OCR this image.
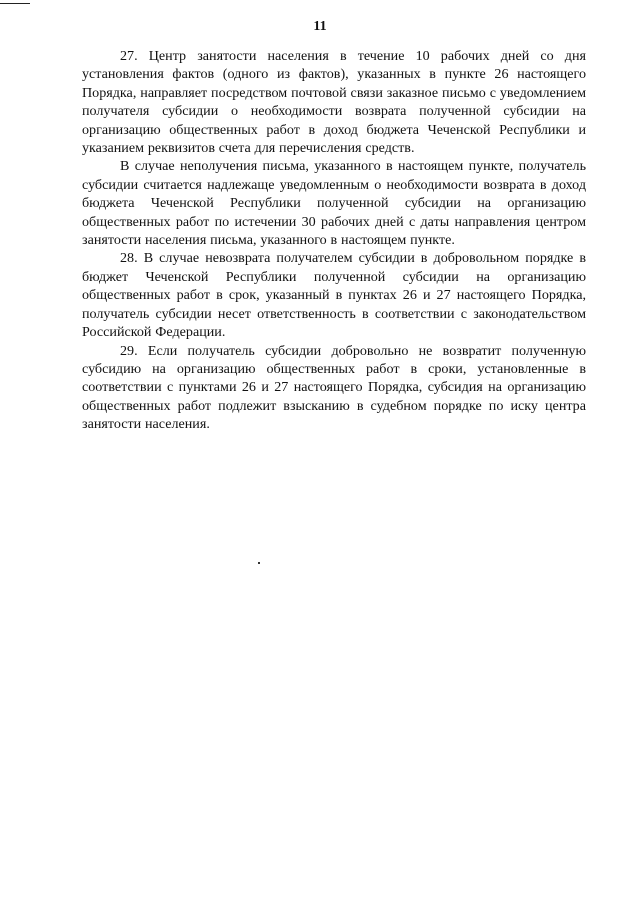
11

27. Центр занятости населения в течение 10 рабочих дней со дня установления фактов (одного из фактов), указанных в пункте 26 настоящего Порядка, направляет посредством почтовой связи заказное письмо с уведомлением получателя субсидии о необходимости возврата полученной субсидии на организацию общественных работ в доход бюджета Чеченской Республики и указанием реквизитов счета для перечисления средств.

В случае неполучения письма, указанного в настоящем пункте, получатель субсидии считается надлежаще уведомленным о необходимости возврата в доход бюджета Чеченской Республики полученной субсидии на организацию общественных работ по истечении 30 рабочих дней с даты направления центром занятости населения письма, указанного в настоящем пункте.

28. В случае невозврата получателем субсидии в добровольном порядке в бюджет Чеченской Республики полученной субсидии на организацию общественных работ в срок, указанный в пунктах 26 и 27 настоящего Порядка, получатель субсидии несет ответственность в соответствии с законодательством Российской Федерации.

29. Если получатель субсидии добровольно не возвратит полученную субсидию на организацию общественных работ в сроки, установленные в соответствии с пунктами 26 и 27 настоящего Порядка, субсидия на организацию общественных работ подлежит взысканию в судебном порядке по иску центра занятости населения.
